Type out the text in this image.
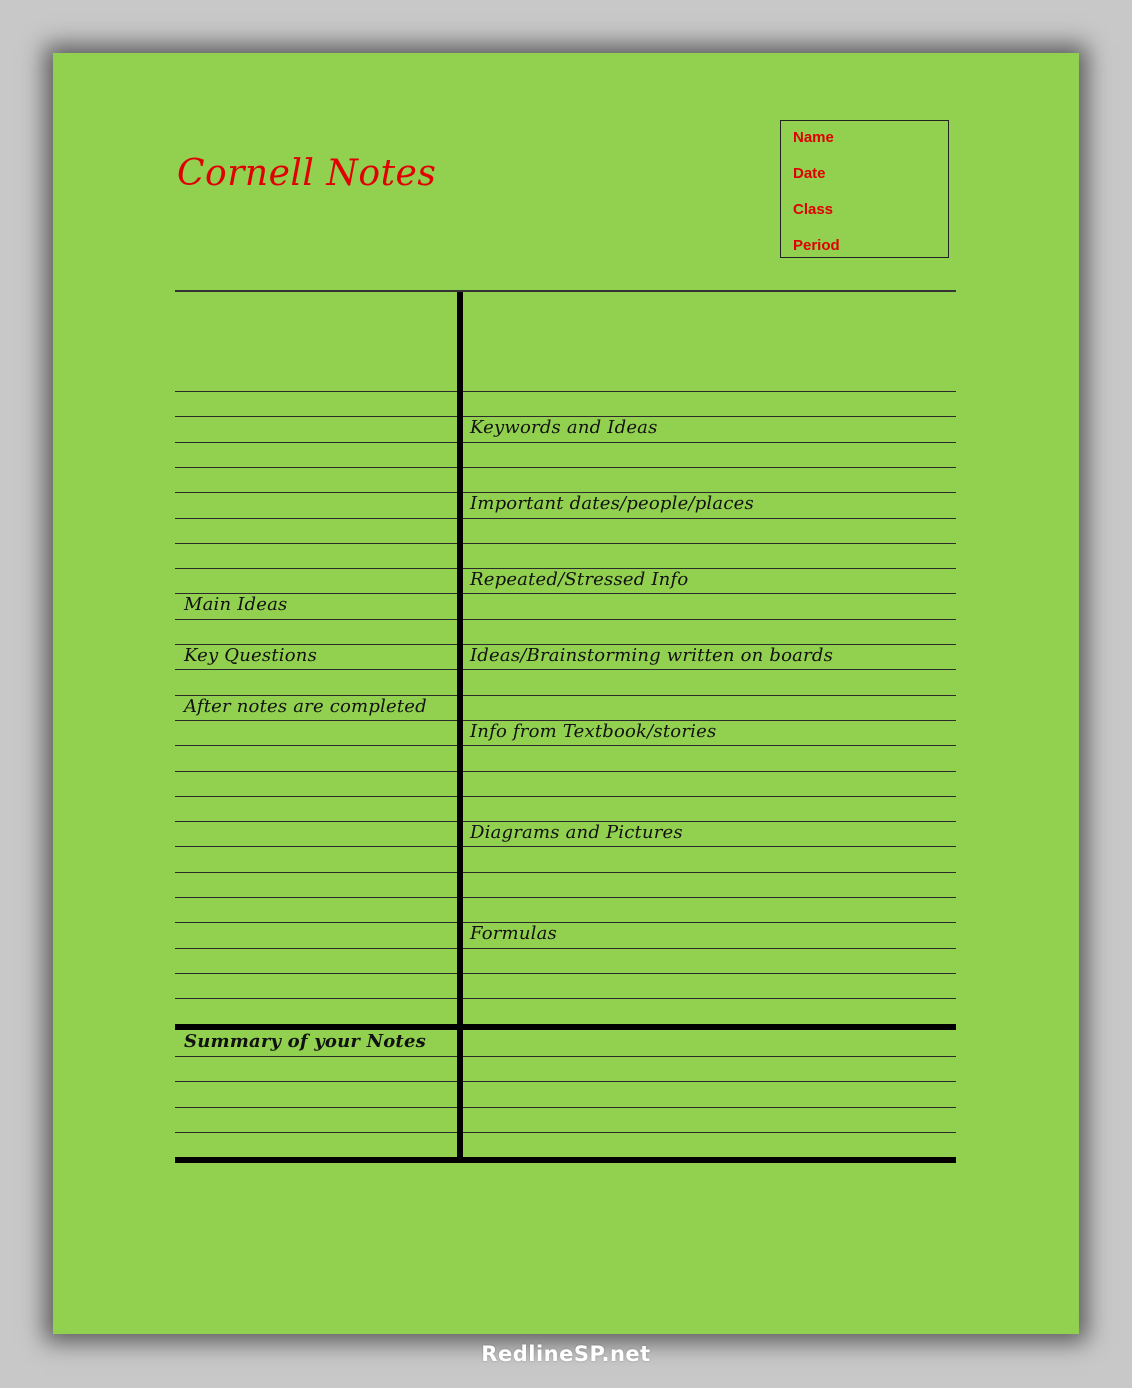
Cornell Notes
Name
Date
Class
Period
Main Ideas
Key Questions
After notes are completed
Keywords and Ideas
Important dates/people/places
Repeated/Stressed Info
Ideas/Brainstorming written on boards
Info from Textbook/stories
Diagrams and Pictures
Formulas
Summary of your Notes
RedlineSP.net
